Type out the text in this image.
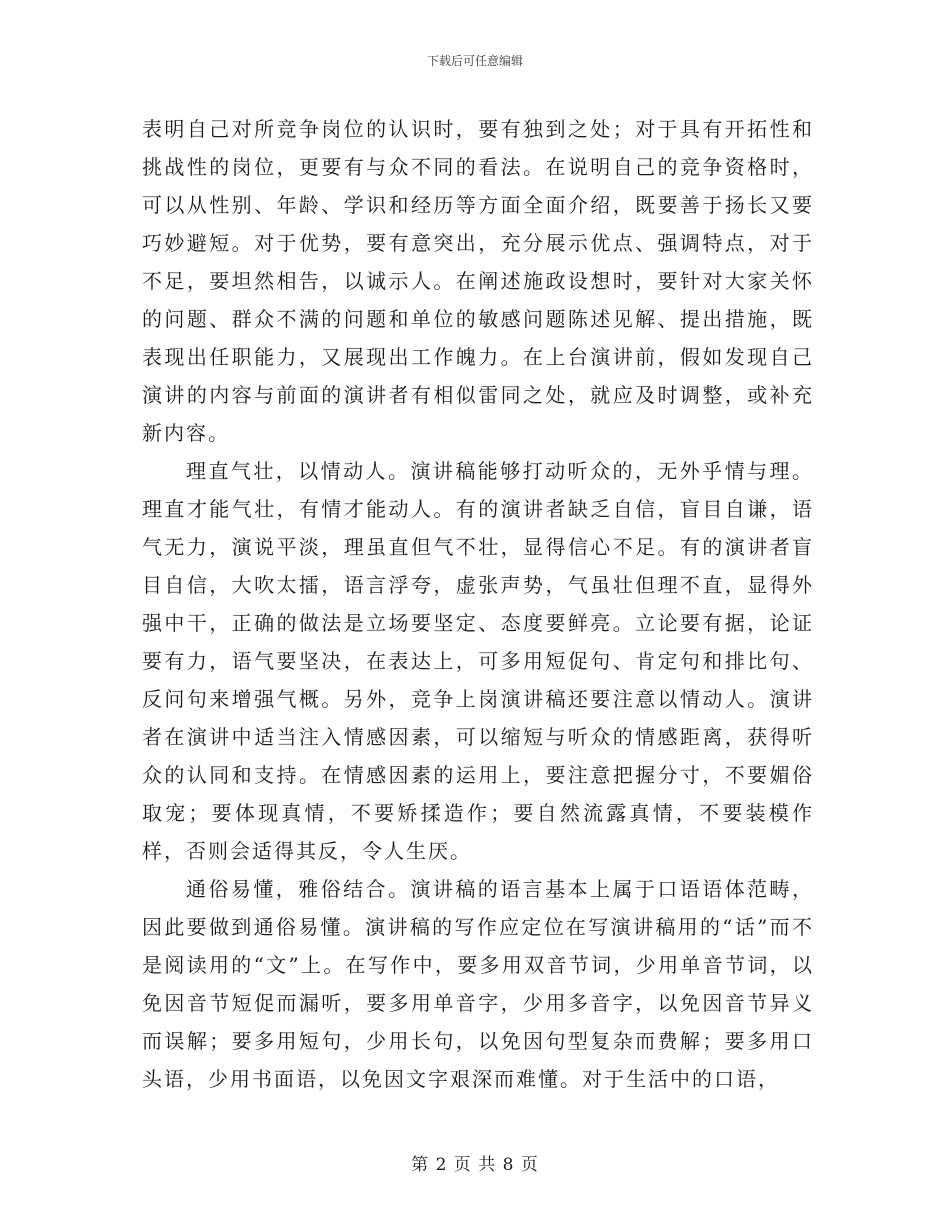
下载后可任意编辑

表明自己对所竞争岗位的认识时，要有独到之处；对于具有开拓性和挑战性的岗位，更要有与众不同的看法。在说明自己的竞争资格时，可以从性别、年龄、学识和经历等方面全面介绍，既要善于扬长又要巧妙避短。对于优势，要有意突出，充分展示优点、强调特点，对于不足，要坦然相告，以诚示人。在阐述施政设想时，要针对大家关怀的问题、群众不满的问题和单位的敏感问题陈述见解、提出措施，既表现出任职能力，又展现出工作魄力。在上台演讲前，假如发现自己演讲的内容与前面的演讲者有相似雷同之处，就应及时调整，或补充新内容。

理直气壮，以情动人。演讲稿能够打动听众的，无外乎情与理。理直才能气壮，有情才能动人。有的演讲者缺乏自信，盲目自谦，语气无力，演说平淡，理虽直但气不壮，显得信心不足。有的演讲者盲目自信，大吹太擂，语言浮夸，虚张声势，气虽壮但理不直，显得外强中干，正确的做法是立场要坚定、态度要鲜亮。立论要有据，论证要有力，语气要坚决，在表达上，可多用短促句、肯定句和排比句、反问句来增强气概。另外，竞争上岗演讲稿还要注意以情动人。演讲者在演讲中适当注入情感因素，可以缩短与听众的情感距离，获得听众的认同和支持。在情感因素的运用上，要注意把握分寸，不要媚俗取宠；要体现真情，不要矫揉造作；要自然流露真情，不要装模作样，否则会适得其反，令人生厌。

通俗易懂，雅俗结合。演讲稿的语言基本上属于口语语体范畴，因此要做到通俗易懂。演讲稿的写作应定位在写演讲稿用的“话”而不是阅读用的“文”上。在写作中，要多用双音节词，少用单音节词，以免因音节短促而漏听，要多用单音字，少用多音字，以免因音节异义而误解；要多用短句，少用长句，以免因句型复杂而费解；要多用口头语，少用书面语，以免因文字艰深而难懂。对于生活中的口语，

第 2 页 共 8 页
